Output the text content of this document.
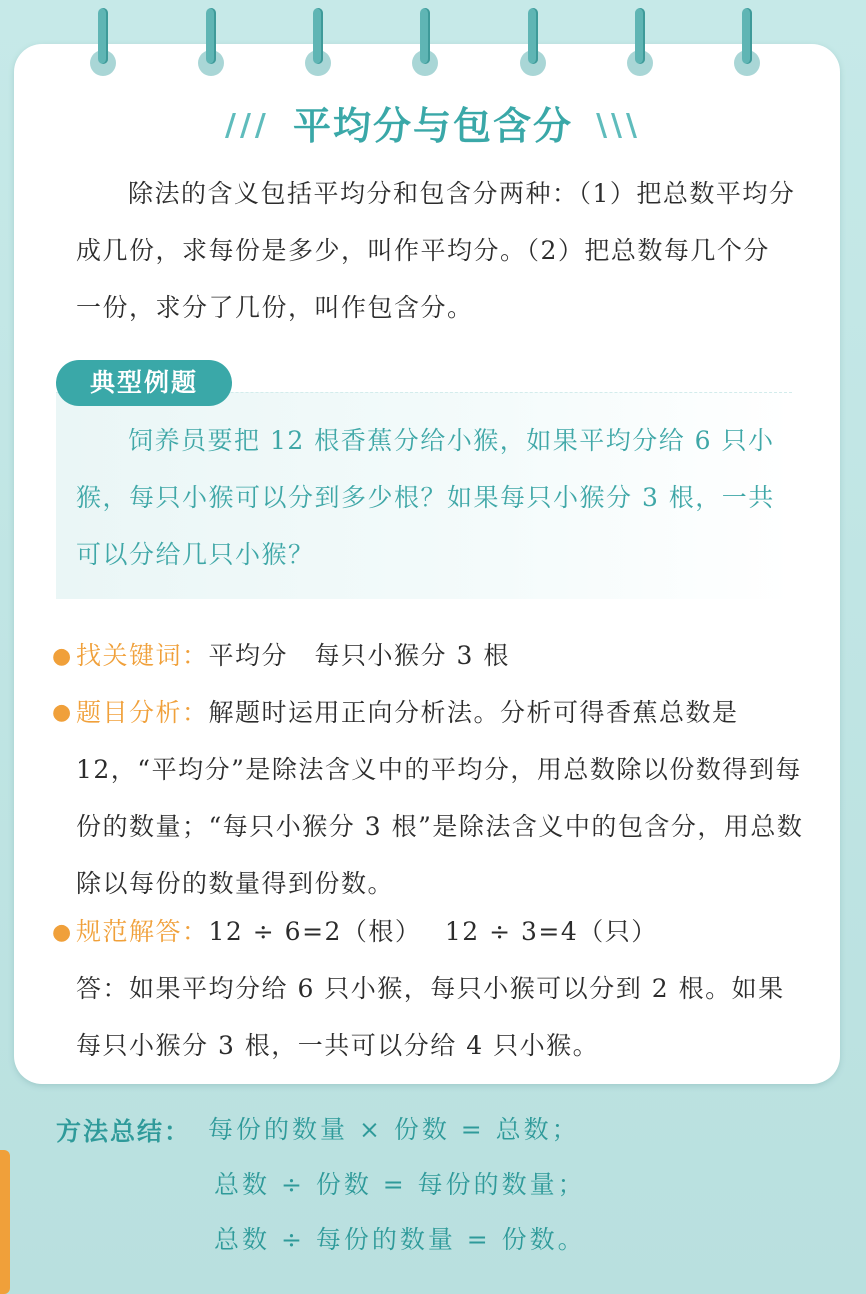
/// 平均分与包含分 \\\
除法的含义包括平均分和包含分两种：（1）把总数平均分成几份，求每份是多少，叫作平均分。（2）把总数每几个分一份，求分了几份，叫作包含分。
典型例题
饲养员要把 12 根香蕉分给小猴，如果平均分给 6 只小猴，每只小猴可以分到多少根？如果每只小猴分 3 根，一共可以分给几只小猴？
● 找关键词：平均分　每只小猴分 3 根
● 题目分析：解题时运用正向分析法。分析可得香蕉总数是 12，“平均分”是除法含义中的平均分，用总数除以份数得到每份的数量；“每只小猴分 3 根”是除法含义中的包含分，用总数除以每份的数量得到份数。
● 规范解答：12 ÷ 6=2（根）　 12 ÷ 3=4（只）
答：如果平均分给 6 只小猴，每只小猴可以分到 2 根。如果每只小猴分 3 根，一共可以分给 4 只小猴。
方法总结： 每份的数量 × 份数 = 总数；
总数 ÷ 份数 = 每份的数量；
总数 ÷ 每份的数量 = 份数。
